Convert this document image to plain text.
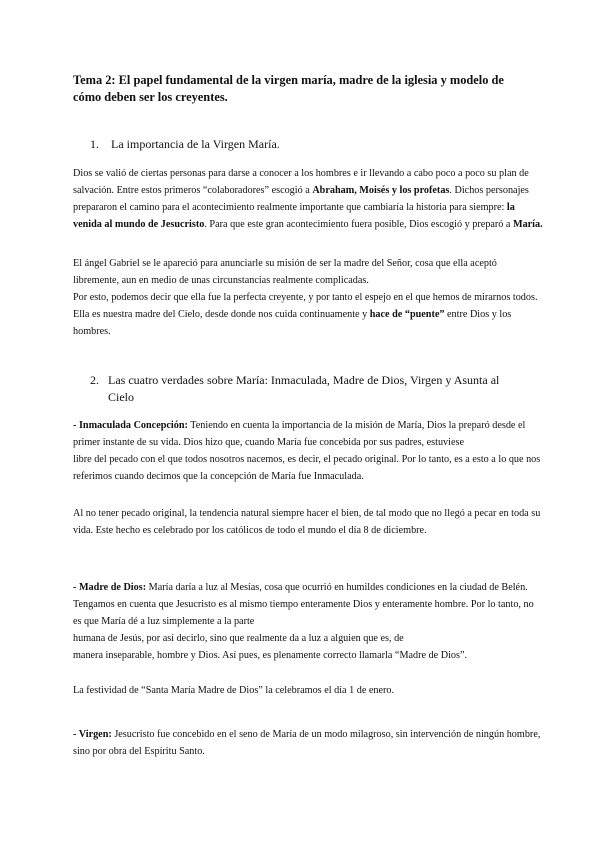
Tema 2: El papel fundamental de la virgen maría, madre de la iglesia y modelo de cómo deben ser los creyentes.
1. La importancia de la Virgen María.
Dios se valió de ciertas personas para darse a conocer a los hombres e ir llevando a cabo poco a poco su plan de salvación. Entre estos primeros “colaboradores” escogió a Abraham, Moisés y los profetas. Dichos personajes prepararon el camino para el acontecimiento realmente importante que cambiaría la historia para siempre: la venida al mundo de Jesucristo. Para que este gran acontecimiento fuera posible, Dios escogió y preparó a María.
El ángel Gabriel se le apareció para anunciarle su misión de ser la madre del Señor, cosa que ella aceptó libremente, aun en medio de unas circunstancias realmente complicadas.
Por esto, podemos decir que ella fue la perfecta creyente, y por tanto el espejo en el que hemos de mirarnos todos. Ella es nuestra madre del Cielo, desde donde nos cuida continuamente y hace de “puente” entre Dios y los hombres.
2. Las cuatro verdades sobre María: Inmaculada, Madre de Dios, Virgen y Asunta al Cielo
- Inmaculada Concepción: Teniendo en cuenta la importancia de la misión de María, Dios la preparó desde el primer instante de su vida. Dios hizo que, cuando María fue concebida por sus padres, estuviese
libre del pecado con el que todos nosotros nacemos, es decir, el pecado original. Por lo tanto, es a esto a lo que nos referimos cuando decimos que la concepción de María fue Inmaculada.
Al no tener pecado original, la tendencia natural siempre hacer el bien, de tal modo que no llegó a pecar en toda su vida. Este hecho es celebrado por los católicos de todo el mundo el día 8 de diciembre.
- Madre de Dios: María daría a luz al Mesías, cosa que ocurrió en humildes condiciones en la ciudad de Belén. Tengamos en cuenta que Jesucristo es al mismo tiempo enteramente Dios y enteramente hombre. Por lo tanto, no es que María dé a luz simplemente a la parte
humana de Jesús, por así decirlo, sino que realmente da a luz a alguien que es, de
manera inseparable, hombre y Dios. Así pues, es plenamente correcto llamarla “Madre de Dios”.
La festividad de “Santa María Madre de Dios” la celebramos el día 1 de enero.
- Virgen: Jesucristo fue concebido en el seno de María de un modo milagroso, sin intervención de ningún hombre, sino por obra del Espíritu Santo.
